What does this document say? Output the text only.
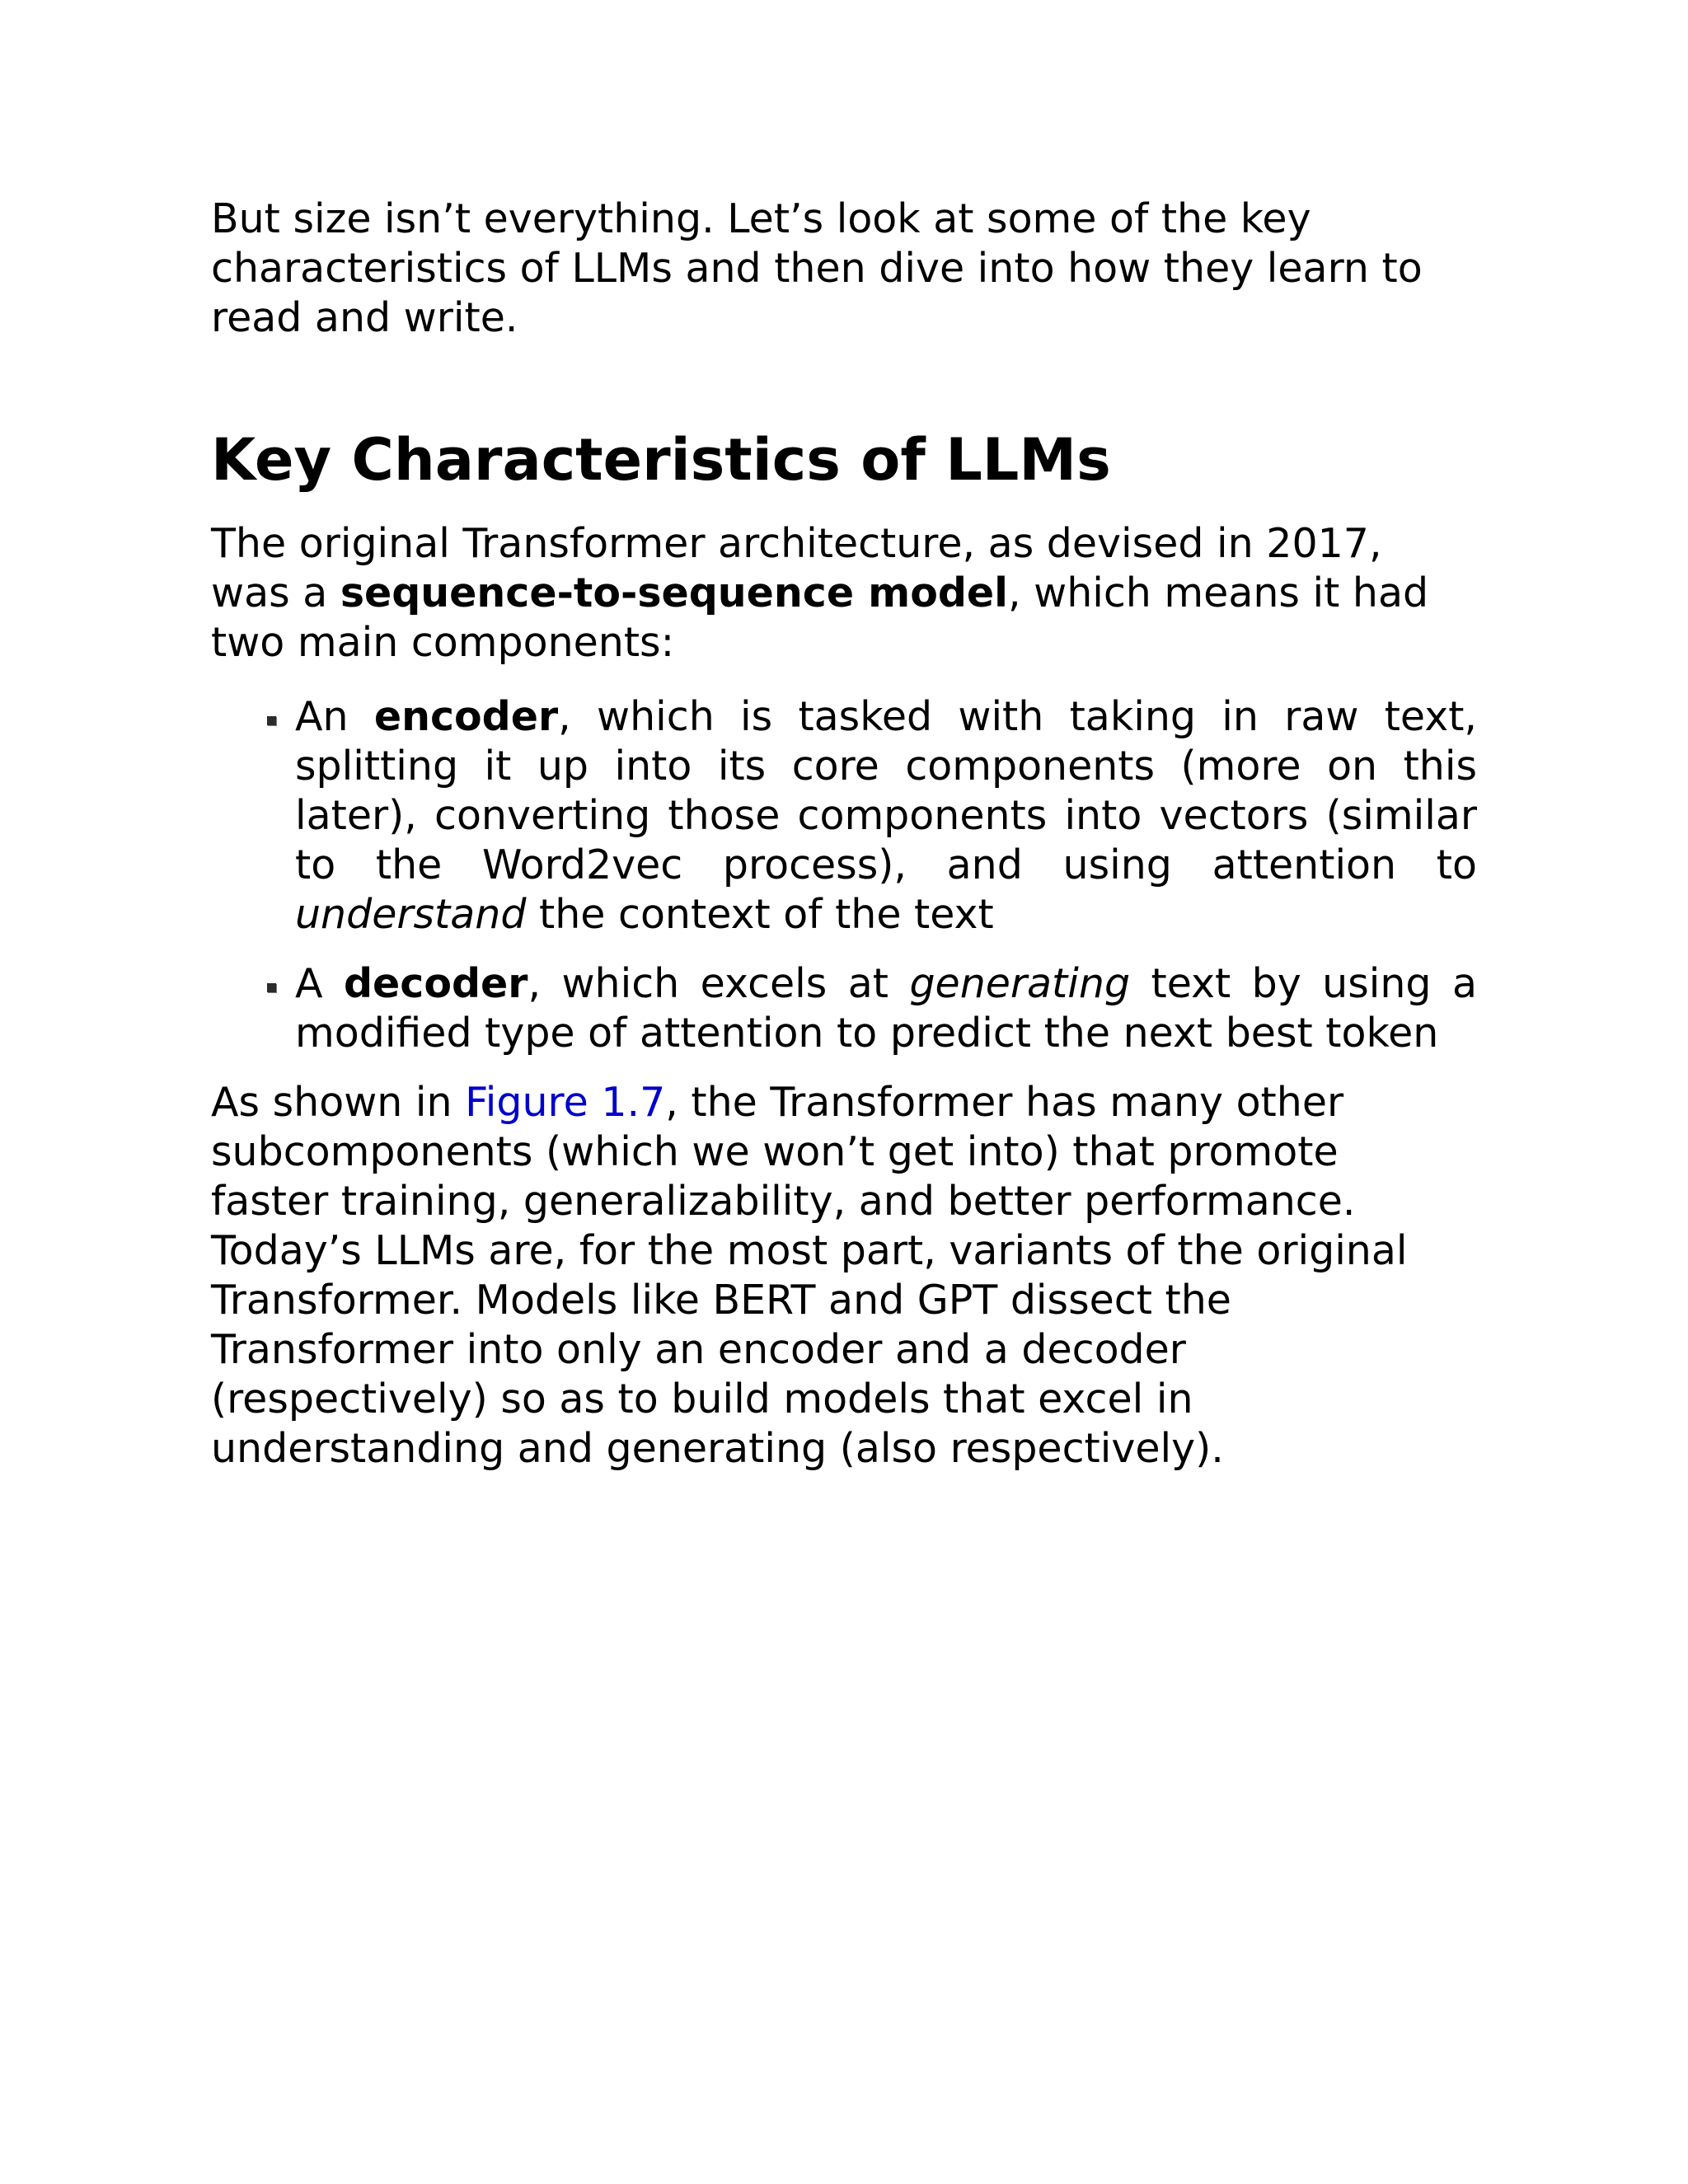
But size isn’t everything. Let’s look at some of the key characteristics of LLMs and then dive into how they learn to read and write.

Key Characteristics of LLMs

The original Transformer architecture, as devised in 2017, was a sequence-to-sequence model, which means it had two main components:

An encoder, which is tasked with taking in raw text, splitting it up into its core components (more on this later), converting those components into vectors (similar to the Word2vec process), and using attention to understand the context of the text
A decoder, which excels at generating text by using a modified type of attention to predict the next best token

As shown in Figure 1.7, the Transformer has many other subcomponents (which we won’t get into) that promote faster training, generalizability, and better performance. Today’s LLMs are, for the most part, variants of the original Transformer. Models like BERT and GPT dissect the Transformer into only an encoder and a decoder (respectively) so as to build models that excel in understanding and generating (also respectively).
